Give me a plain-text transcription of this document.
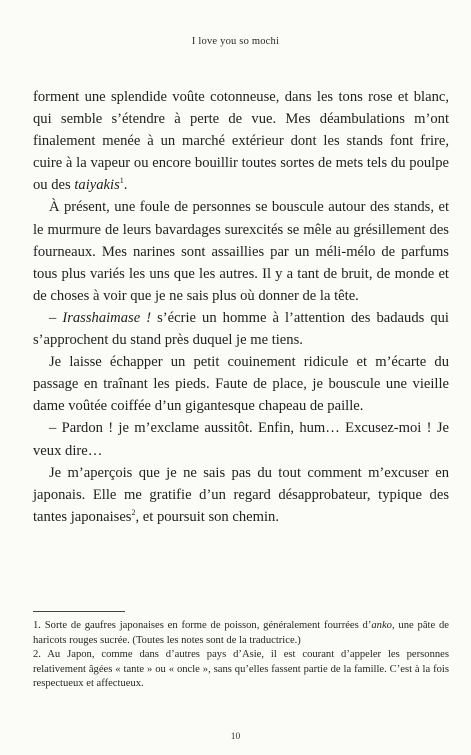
I love you so mochi

forment une splendide voûte cotonneuse, dans les tons rose et blanc, qui semble s’étendre à perte de vue. Mes déambulations m’ont finalement menée à un marché extérieur dont les stands font frire, cuire à la vapeur ou encore bouillir toutes sortes de mets tels du poulpe ou des taiyakis$^1$.

À présent, une foule de personnes se bouscule autour des stands, et le murmure de leurs bavardages surexcités se mêle au grésillement des fourneaux. Mes narines sont assaillies par un méli-mélo de parfums tous plus variés les uns que les autres. Il y a tant de bruit, de monde et de choses à voir que je ne sais plus où donner de la tête.

– Irasshaimase ! s’écrie un homme à l’attention des badauds qui s’approchent du stand près duquel je me tiens.

Je laisse échapper un petit couinement ridicule et m’écarte du passage en traînant les pieds. Faute de place, je bouscule une vieille dame voûtée coiffée d’un gigantesque chapeau de paille.

– Pardon ! je m’exclame aussitôt. Enfin, hum… Excusez-moi ! Je veux dire…

Je m’aperçois que je ne sais pas du tout comment m’excuser en japonais. Elle me gratifie d’un regard désapprobateur, typique des tantes japonaises$^2$, et poursuit son chemin.

1. Sorte de gaufres japonaises en forme de poisson, généralement fourrées d’anko, une pâte de haricots rouges sucrée. (Toutes les notes sont de la traductrice.)

2. Au Japon, comme dans d’autres pays d’Asie, il est courant d’appeler les personnes relativement âgées « tante » ou « oncle », sans qu’elles fassent partie de la famille. C’est à la fois respectueux et affectueux.

10
